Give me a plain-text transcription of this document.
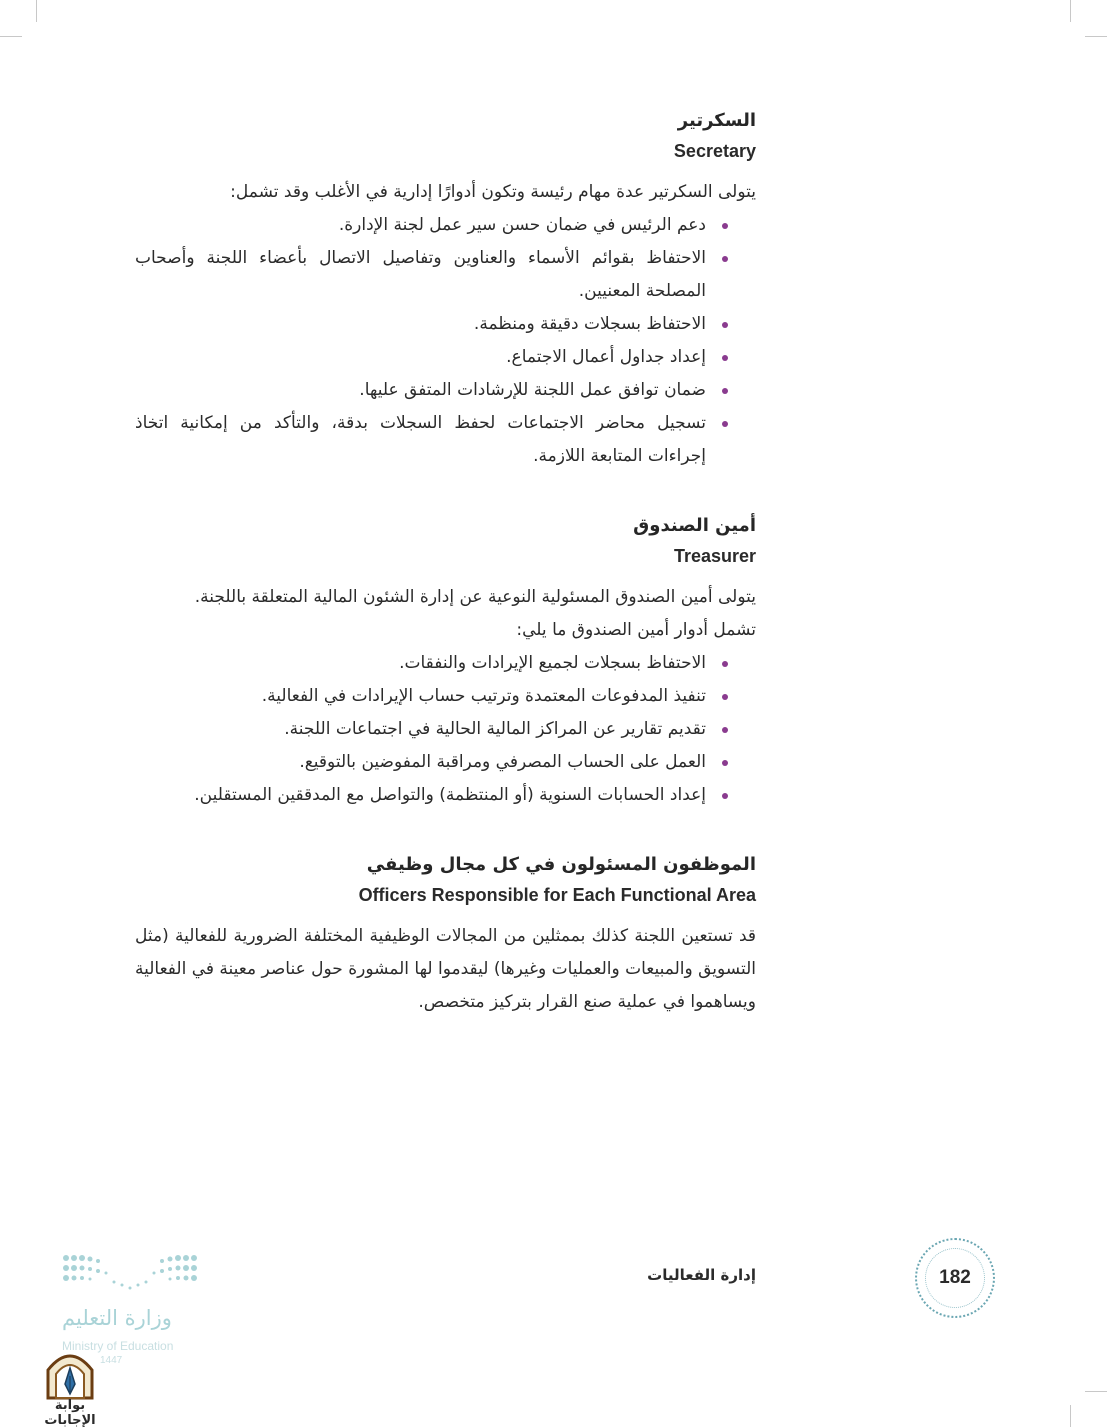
السكرتير
Secretary

يتولى السكرتير عدة مهام رئيسة وتكون أدوارًا إدارية في الأغلب وقد تشمل:

دعم الرئيس في ضمان حسن سير عمل لجنة الإدارة.
الاحتفاظ بقوائم الأسماء والعناوين وتفاصيل الاتصال بأعضاء اللجنة وأصحاب المصلحة المعنيين.
الاحتفاظ بسجلات دقيقة ومنظمة.
إعداد جداول أعمال الاجتماع.
ضمان توافق عمل اللجنة للإرشادات المتفق عليها.
تسجيل محاضر الاجتماعات لحفظ السجلات بدقة، والتأكد من إمكانية اتخاذ إجراءات المتابعة اللازمة.
أمين الصندوق
Treasurer

يتولى أمين الصندوق المسئولية النوعية عن إدارة الشئون المالية المتعلقة باللجنة.

تشمل أدوار أمين الصندوق ما يلي:

الاحتفاظ بسجلات لجميع الإيرادات والنفقات.
تنفيذ المدفوعات المعتمدة وترتيب حساب الإيرادات في الفعالية.
تقديم تقارير عن المراكز المالية الحالية في اجتماعات اللجنة.
العمل على الحساب المصرفي ومراقبة المفوضين بالتوقيع.
إعداد الحسابات السنوية (أو المنتظمة) والتواصل مع المدققين المستقلين.
الموظفون المسئولون في كل مجال وظيفي
Officers Responsible for Each Functional Area

قد تستعين اللجنة كذلك بممثلين من المجالات الوظيفية المختلفة الضرورية للفعالية (مثل التسويق والمبيعات والعمليات وغيرها) ليقدموا لها المشورة حول عناصر معينة في الفعالية ويساهموا في عملية صنع القرار بتركيز متخصص.

إدارة الفعاليات	182
وزارة التعليم
Ministry of Education
1447
بوابة الإجابات
